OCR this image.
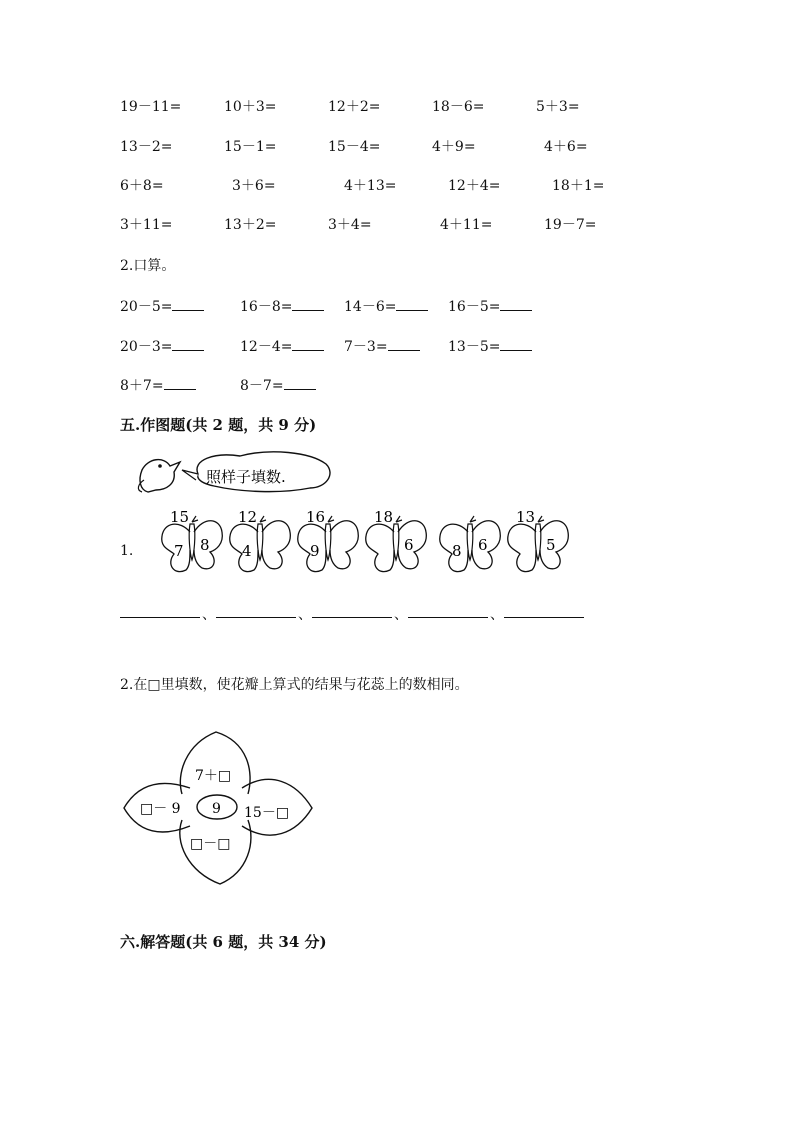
19－11=	10＋3=	12＋2=	18－6=	5＋3=
13－2=	15－1=	15－4=	4＋9=	4＋6=
6＋8=	3＋6=	4＋13=	12＋4=	18＋1=
3＋11=	13＋2=	3＋4=	4＋11=	19－7=
2.口算。
20－5=	16－8=	14－6=	16－5=
20－3=	12－4=	7－3=	13－5=
8＋7=	8－7=
五.作图题(共 2 题，共 9 分)
照样子填数.
15
7 8
12
4
16
9
18
6	8 6
13
5
1.
、	、	、	、
2.在□里填数，使花瓣上算式的结果与花蕊上的数相同。
9
7＋□
□－ 9	15－□
□－□
六.解答题(共 6 题，共 34 分)
